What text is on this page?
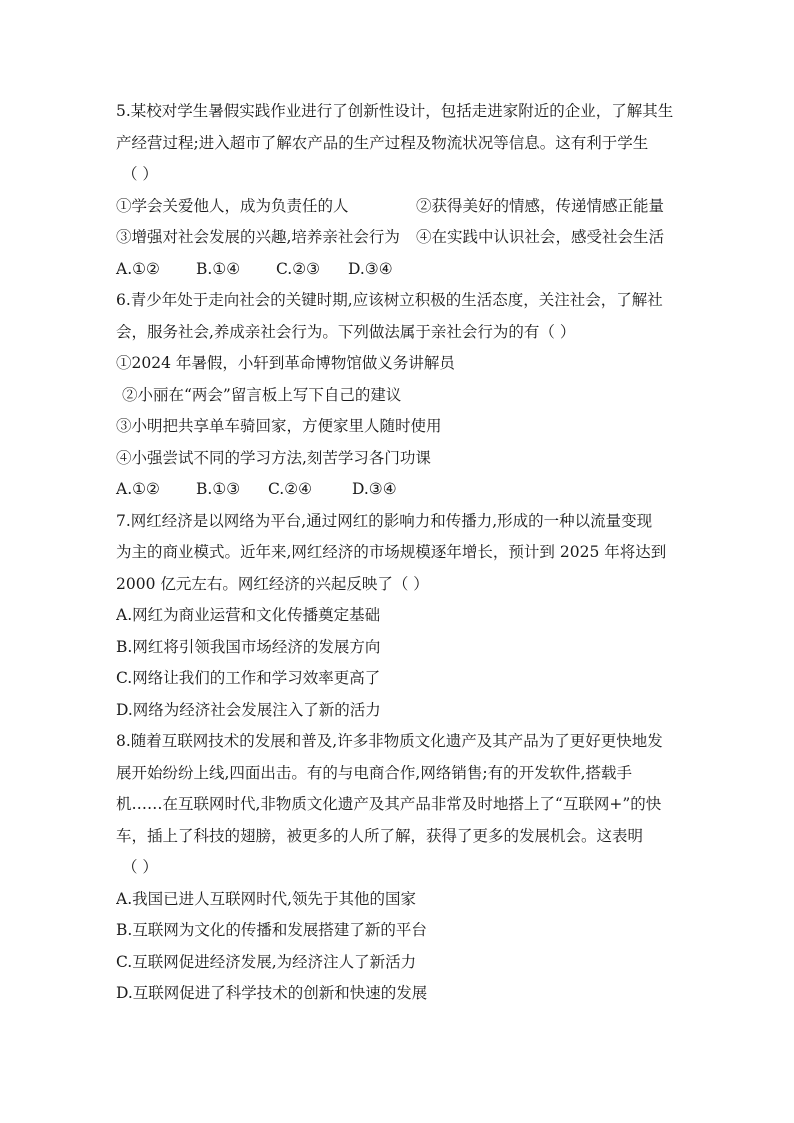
5.某校对学生暑假实践作业进行了创新性设计，包括走进家附近的企业，了解其生
产经营过程;进入超市了解农产品的生产过程及物流状况等信息。这有利于学生
（ ）
①学会关爱他人，成为负责任的人	②获得美好的情感，传递情感正能量
③增强对社会发展的兴趣,培养亲社会行为	④在实践中认识社会，感受社会生活
A.①②	B.①④	C.②③	D.③④
6.青少年处于走向社会的关键时期,应该树立积极的生活态度，关注社会，了解社
会，服务社会,养成亲社会行为。下列做法属于亲社会行为的有（ ）
①2024 年暑假，小轩到革命博物馆做义务讲解员
②小丽在“两会”留言板上写下自己的建议
③小明把共享单车骑回家，方便家里人随时使用
④小强尝试不同的学习方法,刻苦学习各门功课
A.①②	B.①③	C.②④	D.③④
7.网红经济是以网络为平台,通过网红的影响力和传播力,形成的一种以流量变现
为主的商业模式。近年来,网红经济的市场规模逐年增长，预计到 2025 年将达到
2000 亿元左右。网红经济的兴起反映了（ ）
A.网红为商业运营和文化传播奠定基础
B.网红将引领我国市场经济的发展方向
C.网络让我们的工作和学习效率更高了
D.网络为经济社会发展注入了新的活力
8.随着互联网技术的发展和普及,许多非物质文化遗产及其产品为了更好更快地发
展开始纷纷上线,四面出击。有的与电商合作,网络销售;有的开发软件,搭载手
机……在互联网时代,非物质文化遗产及其产品非常及时地搭上了“互联网+”的快
车，插上了科技的翅膀，被更多的人所了解，获得了更多的发展机会。这表明
（ ）
A.我国已进人互联网时代,领先于其他的国家
B.互联网为文化的传播和发展搭建了新的平台
C.互联网促进经济发展,为经济注人了新活力
D.互联网促进了科学技术的创新和快速的发展
